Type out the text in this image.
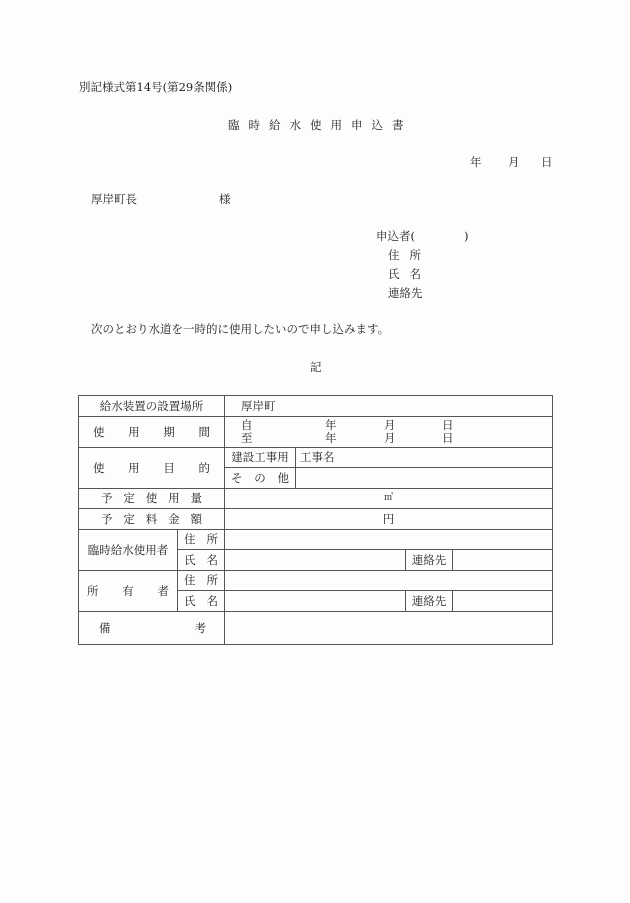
別記様式第14号(第29条関係)
臨 時 給 水 使 用 申 込 書
年 月 日
厚岸町長	様
申込者(	)
住 所
氏 名
連絡先
次のとおり水道を一時的に使用したいので申し込みます。
記
給水装置の設置場所		厚岸町			

使 用 期 間	自	年	月	日
至	年	月	日

使 用 目 的		建設工事用	工事名		

		そ の 他			

予 定 使 用 量		㎥			

予 定 料 金 額		円			
臨時給水使用者	住 所				

	氏 名			連絡先	

所 有 者	住 所				

	氏 名			連絡先	

備 考					
